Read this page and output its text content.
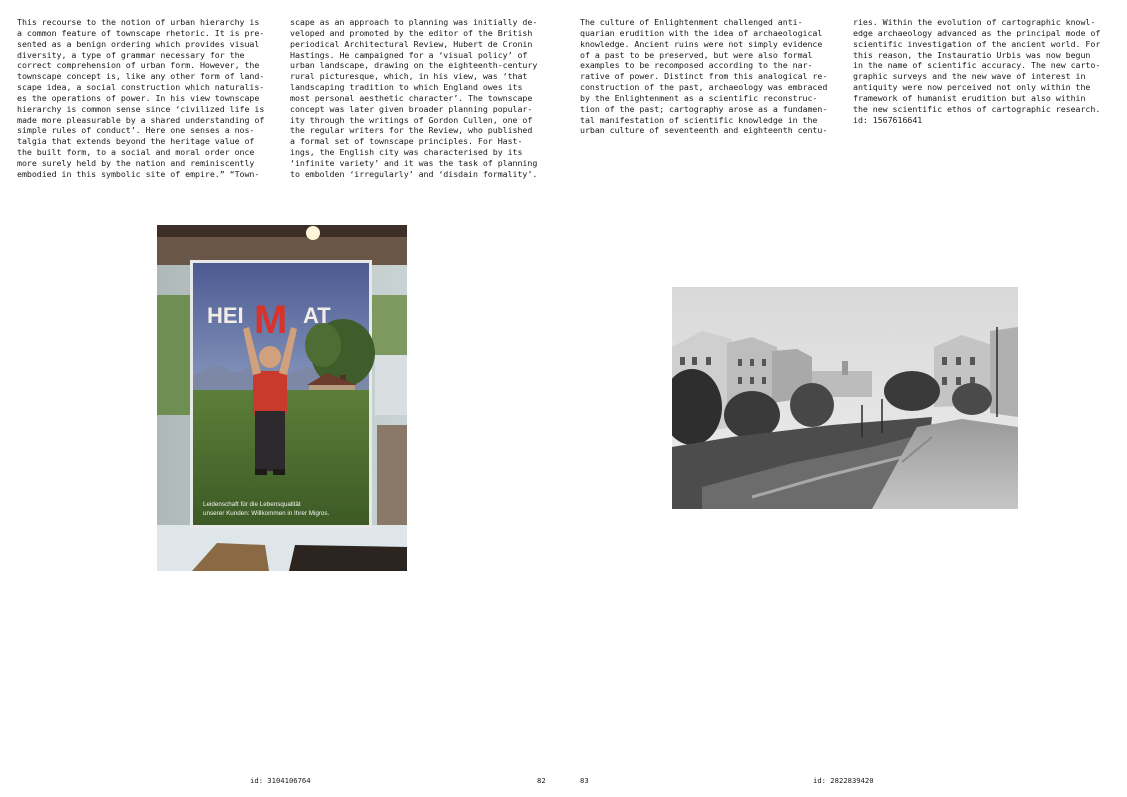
This recourse to the notion of urban hierarchy is
a common feature of townscape rhetoric. It is pre-
sented as a benign ordering which provides visual
diversity, a type of grammar necessary for the
correct comprehension of urban form. However, the
townscape concept is, like any other form of land-
scape idea, a social construction which naturalis-
es the operations of power. In his view townscape
hierarchy is common sense since ‘civilized life is
made more pleasurable by a shared understanding of
simple rules of conduct’. Here one senses a nos-
talgia that extends beyond the heritage value of
the built form, to a social and moral order once
more surely held by the nation and reminiscently
embodied in this symbolic site of empire.” “Town-
scape as an approach to planning was initially de-
veloped and promoted by the editor of the British
periodical Architectural Review, Hubert de Cronin
Hastings. He campaigned for a ‘visual policy’ of
urban landscape, drawing on the eighteenth-century
rural picturesque, which, in his view, was ‘that
landscaping tradition to which England owes its
most personal aesthetic character’. The townscape
concept was later given broader planning popular-
ity through the writings of Gordon Cullen, one of
the regular writers for the Review, who published
a formal set of townscape principles. For Hast-
ings, the English city was characterised by its
‘infinite variety’ and it was the task of planning
to embolden ‘irregularly’ and ‘disdain formality’.
The culture of Enlightenment challenged anti-
quarian erudition with the idea of archaeological
knowledge. Ancient ruins were not simply evidence
of a past to be preserved, but were also formal
examples to be recomposed according to the nar-
rative of power. Distinct from this analogical re-
construction of the past, archaeology was embraced
by the Enlightenment as a scientific reconstruc-
tion of the past; cartography arose as a fundamen-
tal manifestation of scientific knowledge in the
urban culture of seventeenth and eighteenth centu-
ries. Within the evolution of cartographic knowl-
edge archaeology advanced as the principal mode of
scientific investigation of the ancient world. For
this reason, the Instauratio Urbis was now begun
in the name of scientific accuracy. The new carto-
graphic surveys and the new wave of interest in
antiquity were now perceived not only within the
framework of humanist erudition but also within
the new scientific ethos of cartographic research.
id: 1567616641
HEI M AT
Leidenschaft für die Lebensqualität
unserer Kunden: Willkommen in Ihrer Migros.
id: 3104106764	82	83	id: 2822839420
